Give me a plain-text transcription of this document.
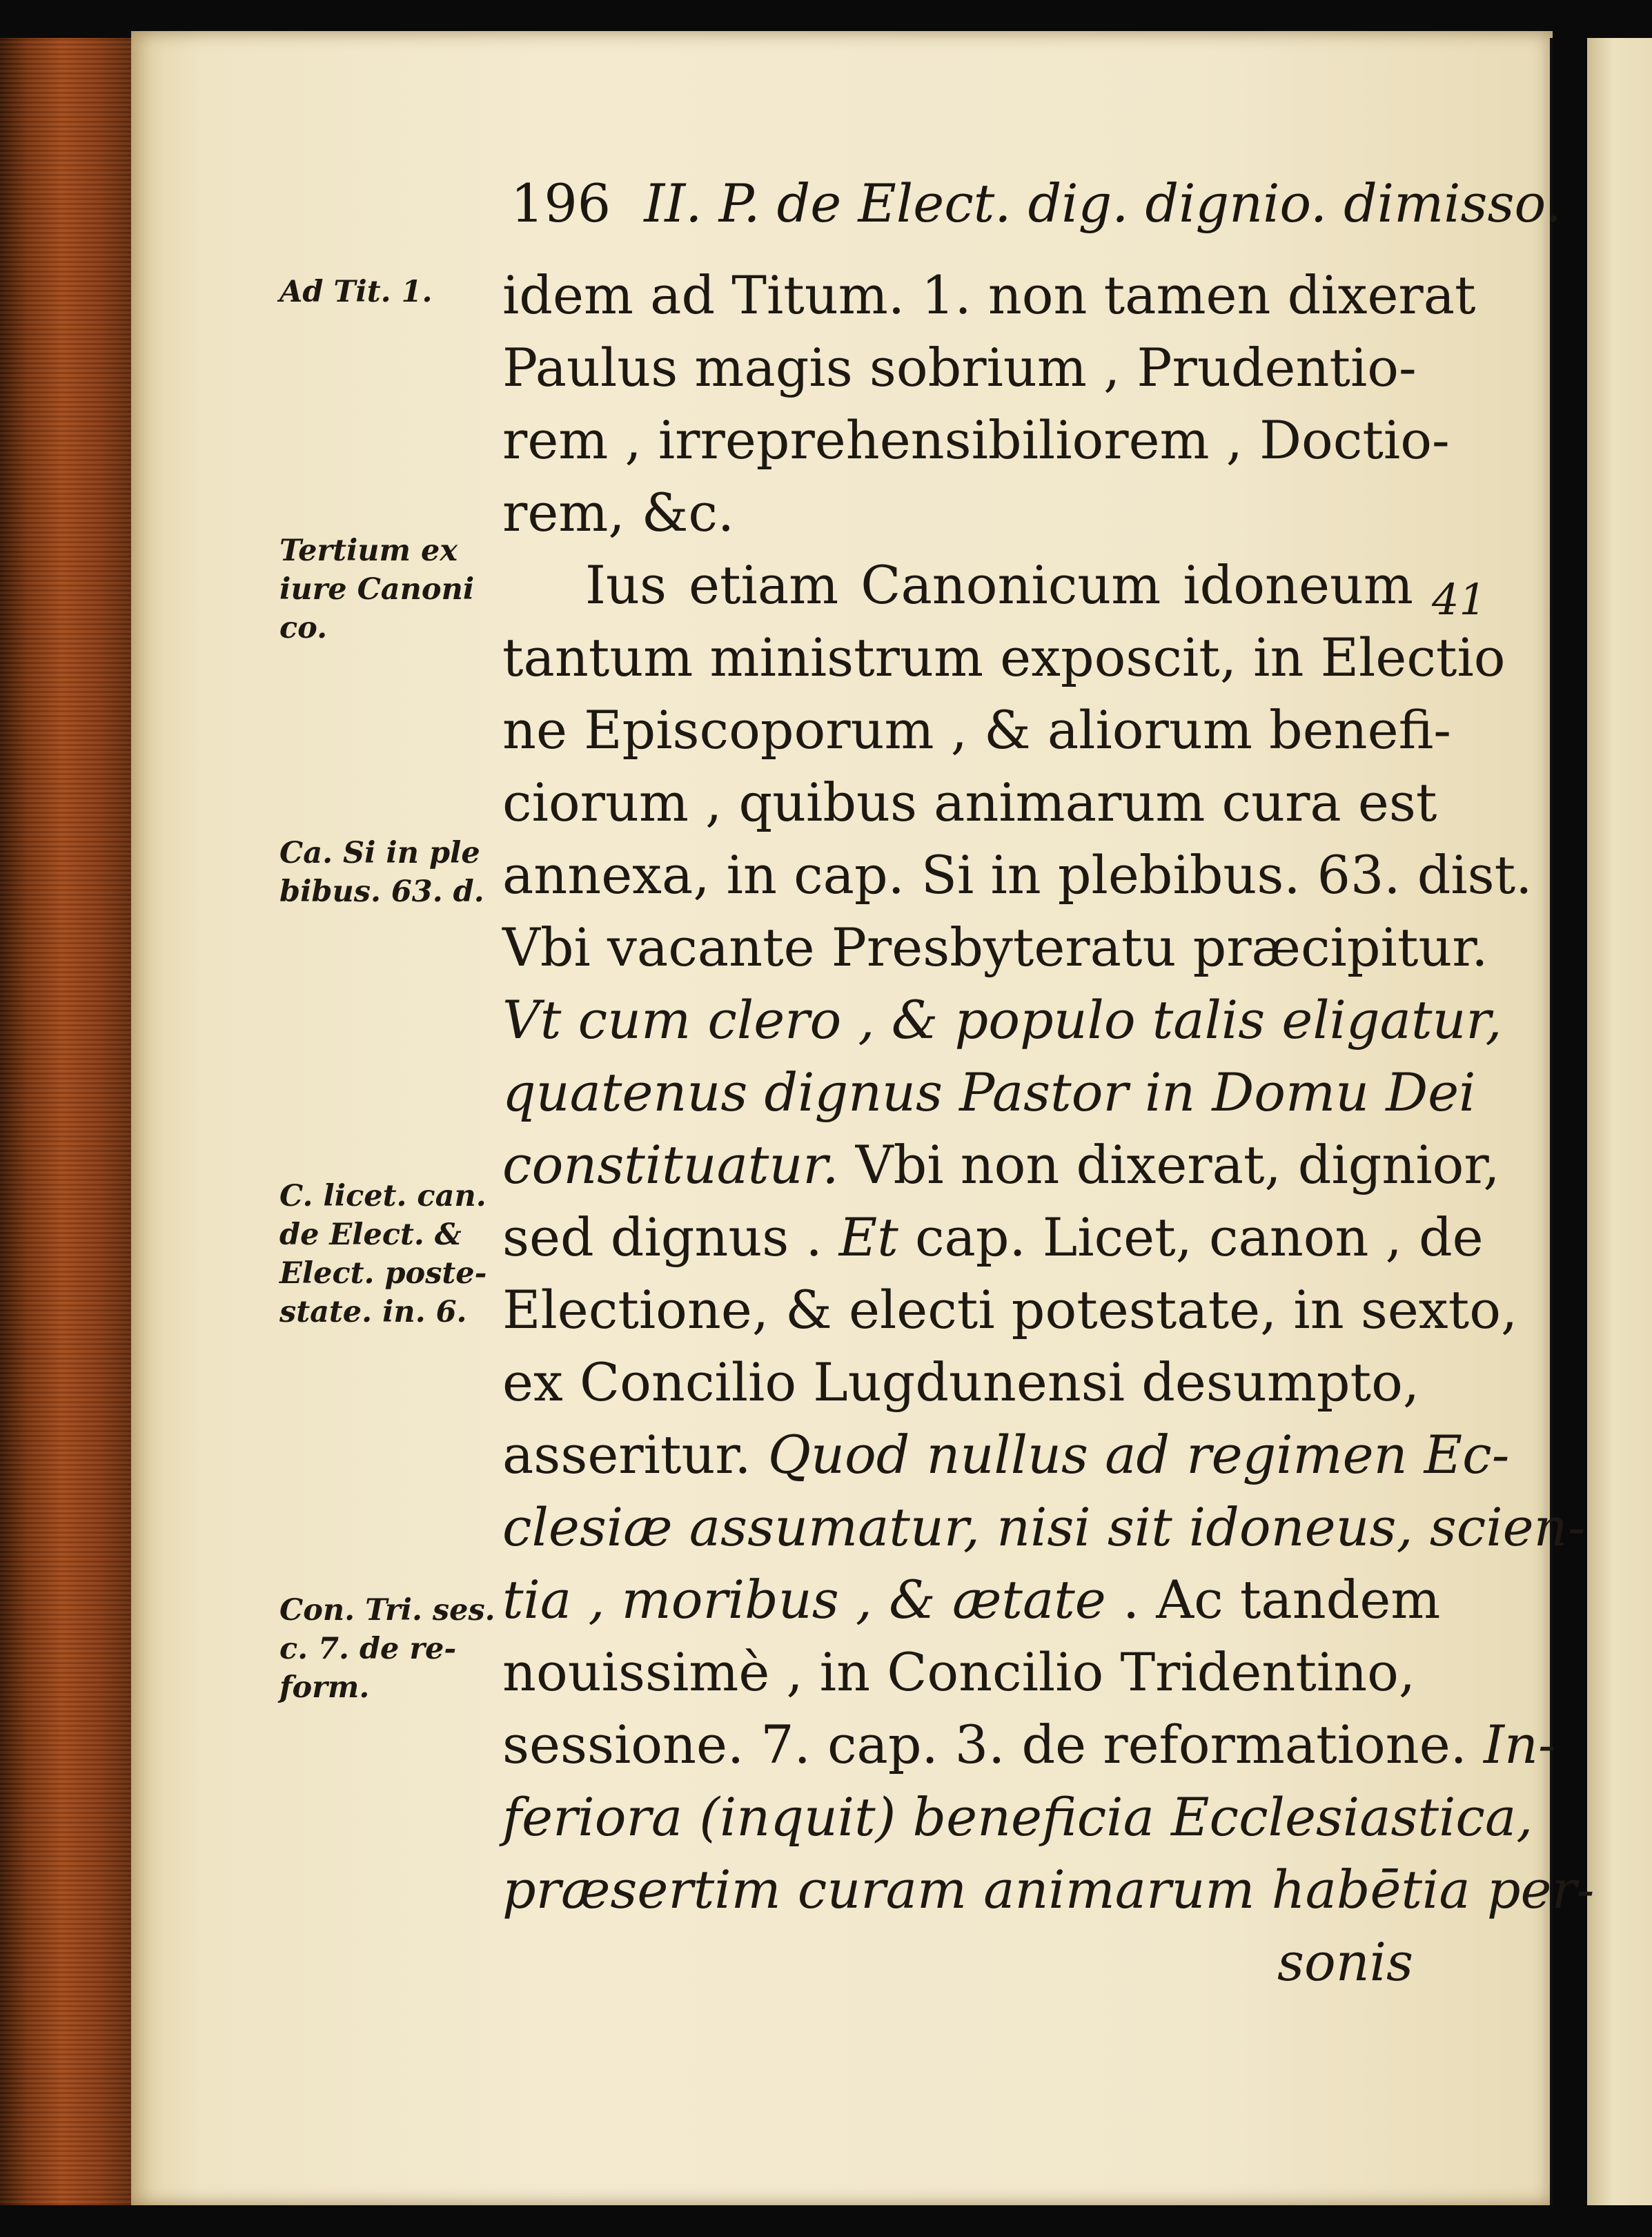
196 II. P. de Elect. dig. dignio. dimisso.
41
Ad Tit. 1.
Tertium ex
iure Canoni
co.
Ca. Si in ple
bibus. 63. d.
C. licet. can.
de Elect. &
Elect. poste-
state. in. 6.
Con. Tri. ses.
c. 7. de re-
form.
idem ad Titum. 1. non tamen dixerat
Paulus magis sobrium , Prudentio-
rem , irreprehensibiliorem , Doctio-
rem, &c.
Ius etiam Canonicum idoneum
tantum ministrum exposcit, in Electio
ne Episcoporum , & aliorum benefi-
ciorum , quibus animarum cura est
annexa, in cap. Si in plebibus. 63. dist.
Vbi vacante Presbyteratu præcipitur.
Vt cum clero , & populo talis eligatur,
quatenus dignus Pastor in Domu Dei
constituatur. Vbi non dixerat, dignior,
sed dignus . Et cap. Licet, canon , de
Electione, & electi potestate, in sexto,
ex Concilio Lugdunensi desumpto,
asseritur. Quod nullus ad regimen Ec-
clesiæ assumatur, nisi sit idoneus, scien-
tia , moribus , & ætate . Ac tandem
nouissimè , in Concilio Tridentino,
sessione. 7. cap. 3. de reformatione. In-
feriora (inquit) beneficia Ecclesiastica,
præsertim curam animarum habētia per-
sonis
